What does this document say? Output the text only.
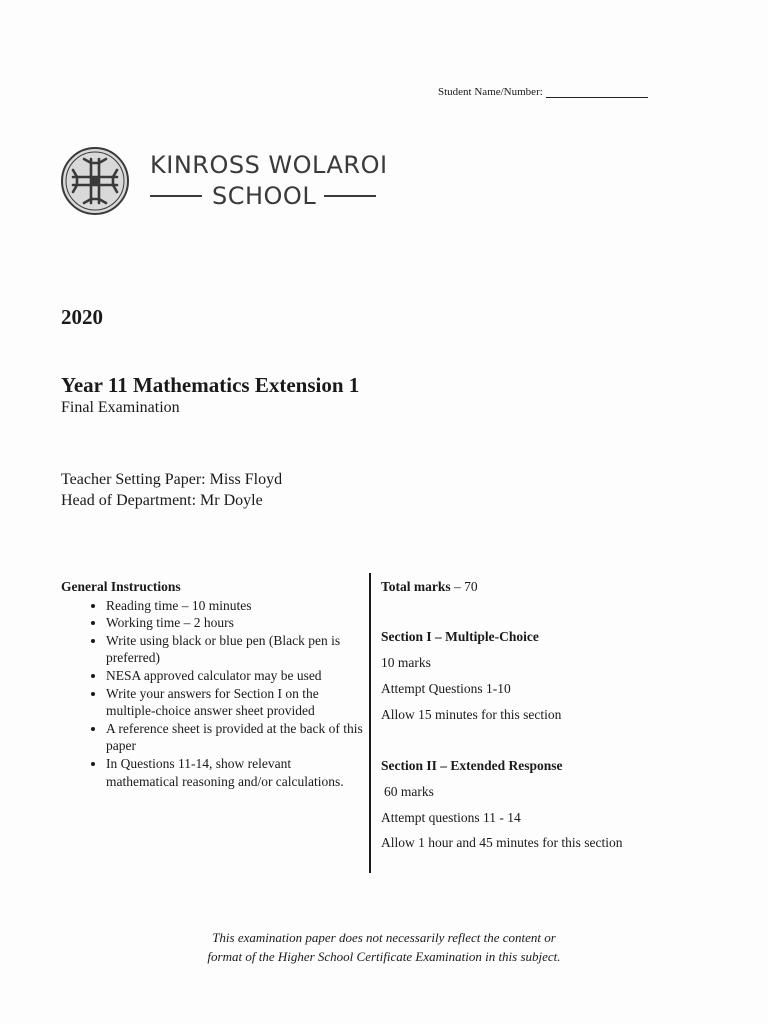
Student Name/Number:
KINROSS WOLAROI
SCHOOL
2020
Year 11 Mathematics Extension 1
Final Examination
Teacher Setting Paper: Miss Floyd
Head of Department: Mr Doyle
General Instructions
• Reading time – 10 minutes
• Working time – 2 hours
• Write using black or blue pen (Black pen is preferred)
• NESA approved calculator may be used
• Write your answers for Section I on the multiple-choice answer sheet provided
• A reference sheet is provided at the back of this paper
• In Questions 11-14, show relevant mathematical reasoning and/or calculations.
Total marks – 70
Section I – Multiple-Choice
10 marks
Attempt Questions 1-10
Allow 15 minutes for this section
Section II – Extended Response
60 marks
Attempt questions 11 - 14
Allow 1 hour and 45 minutes for this section
This examination paper does not necessarily reflect the content or
format of the Higher School Certificate Examination in this subject.
